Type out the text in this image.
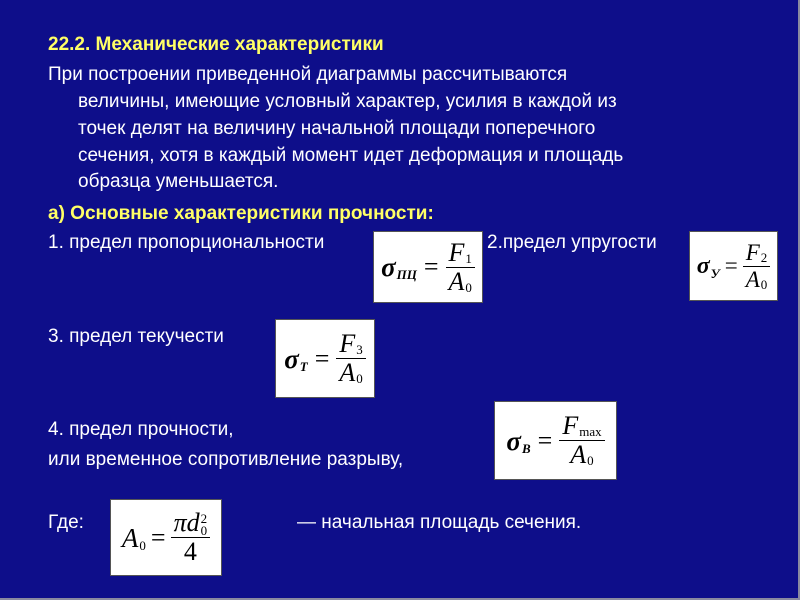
22.2. Механические характеристики
При построении приведенной диаграммы рассчитываются
величины, имеющие условный характер, усилия в каждой из
точек делят на величину начальной площади поперечного
сечения, хотя в каждый момент идет деформация и площадь
образца уменьшается.
а) Основные характеристики прочности:
1. предел пропорциональности
σ ПЦ = $\frac{F 1}{A 0}$ 2.предел упругости
σ $У = \frac{F 2}{A 0}$
3. предел текучести
σ $T = \frac{F 3}{A 0}$
4. предел прочности,
или временное сопротивление разрыву,
σ $B = \frac{\text{F max}}{A 0}$
Где: A 0 = πd 2
0
4	— начальная площадь сечения.
